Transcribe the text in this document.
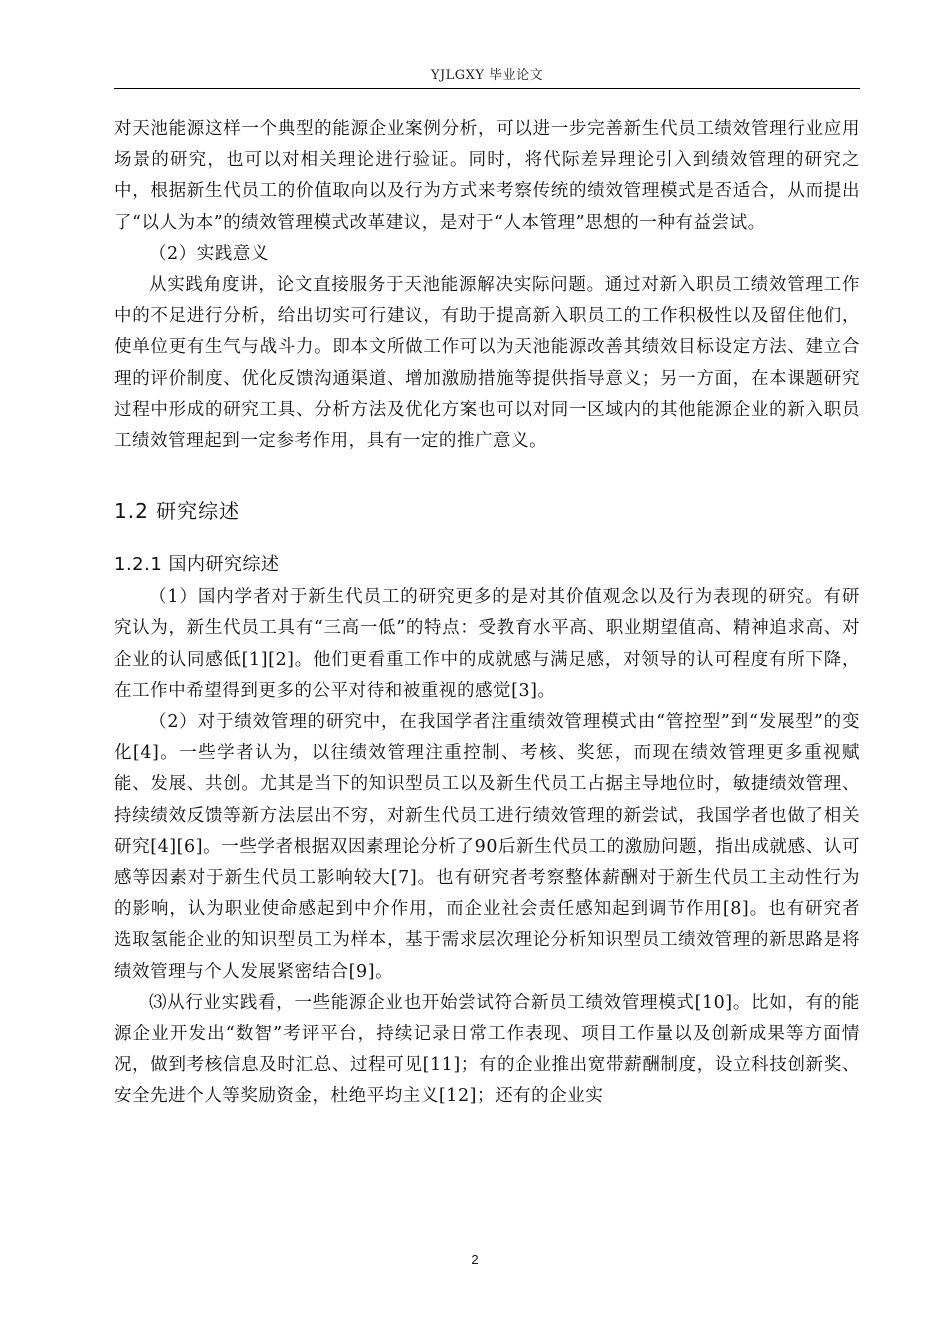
YJLGXY 毕业论文

对天池能源这样一个典型的能源企业案例分析，可以进一步完善新生代员工绩效管理行业应用场景的研究，也可以对相关理论进行验证。同时，将代际差异理论引入到绩效管理的研究之中，根据新生代员工的价值取向以及行为方式来考察传统的绩效管理模式是否适合，从而提出了“以人为本”的绩效管理模式改革建议，是对于“人本管理”思想的一种有益尝试。

（2）实践意义

从实践角度讲，论文直接服务于天池能源解决实际问题。通过对新入职员工绩效管理工作中的不足进行分析，给出切实可行建议，有助于提高新入职员工的工作积极性以及留住他们，使单位更有生气与战斗力。即本文所做工作可以为天池能源改善其绩效目标设定方法、建立合理的评价制度、优化反馈沟通渠道、增加激励措施等提供指导意义；另一方面，在本课题研究过程中形成的研究工具、分析方法及优化方案也可以对同一区域内的其他能源企业的新入职员工绩效管理起到一定参考作用，具有一定的推广意义。

1.2 研究综述
1.2.1 国内研究综述

（1）国内学者对于新生代员工的研究更多的是对其价值观念以及行为表现的研究。有研究认为，新生代员工具有“三高一低”的特点：受教育水平高、职业期望值高、精神追求高、对企业的认同感低[1][2]。他们更看重工作中的成就感与满足感，对领导的认可程度有所下降，在工作中希望得到更多的公平对待和被重视的感觉[3]。

（2）对于绩效管理的研究中，在我国学者注重绩效管理模式由“管控型”到“发展型”的变化[4]。一些学者认为，以往绩效管理注重控制、考核、奖惩，而现在绩效管理更多重视赋能、发展、共创。尤其是当下的知识型员工以及新生代员工占据主导地位时，敏捷绩效管理、持续绩效反馈等新方法层出不穷，对新生代员工进行绩效管理的新尝试，我国学者也做了相关研究[4][6]。一些学者根据双因素理论分析了90后新生代员工的激励问题，指出成就感、认可感等因素对于新生代员工影响较大[7]。也有研究者考察整体薪酬对于新生代员工主动性行为的影响，认为职业使命感起到中介作用，而企业社会责任感知起到调节作用[8]。也有研究者选取氢能企业的知识型员工为样本，基于需求层次理论分析知识型员工绩效管理的新思路是将绩效管理与个人发展紧密结合[9]。

⑶从行业实践看，一些能源企业也开始尝试符合新员工绩效管理模式[10]。比如，有的能源企业开发出“数智”考评平台，持续记录日常工作表现、项目工作量以及创新成果等方面情况，做到考核信息及时汇总、过程可见[11]；有的企业推出宽带薪酬制度，设立科技创新奖、安全先进个人等奖励资金，杜绝平均主义[12]；还有的企业实

2
